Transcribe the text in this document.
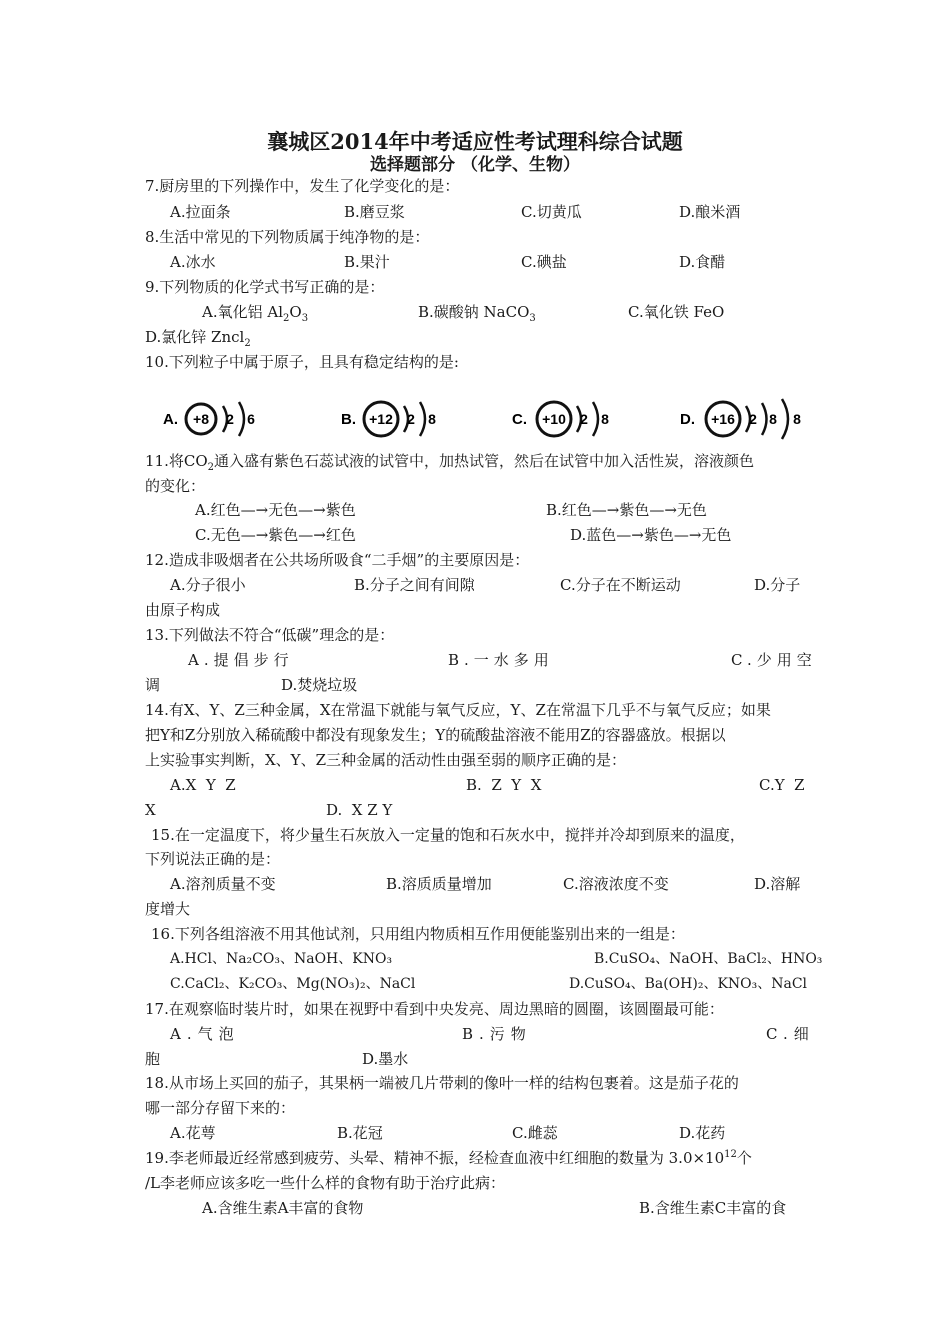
襄城区2014年中考适应性考试理科综合试题
选择题部分 （化学、生物）
7.厨房里的下列操作中，发生了化学变化的是：
A.拉面条	B.磨豆浆	C.切黄瓜	D.酿米酒
8.生活中常见的下列物质属于纯净物的是：
A.冰水	B.果汁	C.碘盐	D.食醋
9.下列物质的化学式书写正确的是：
A.氧化铝 $Al_2O_3$	B.碳酸钠 NaCO$_3$	C.氧化铁 FeO
D.氯化锌 Zncl$_2$
10.下列粒子中属于原子，且具有稳定结构的是:
A. +8 2 6	B. +12 2 8	C. +10 2 8	D. +16 2 8 8
11.将$CO_2$通入盛有紫色石蕊试液的试管中，加热试管，然后在试管中加入活性炭，溶液颜色
的变化：
A.红色—→无色—→紫色	B.红色—→紫色—→无色
C.无色—→紫色—→红色	D.蓝色—→紫色—→无色
12.造成非吸烟者在公共场所吸食“二手烟”的主要原因是：
A.分子很小	B.分子之间有间隙	C.分子在不断运动	D.分子
由原子构成
13.下列做法不符合“低碳”理念的是：
A.提倡步行	B.一水多用	C.少用空
调	D.焚烧垃圾
14.有X、Y、Z三种金属，X在常温下就能与氧气反应，Y、Z在常温下几乎不与氧气反应；如果
把Y和Z分别放入稀硫酸中都没有现象发生；Y的硫酸盐溶液不能用Z的容器盛放。根据以
上实验事实判断，X、Y、Z三种金属的活动性由强至弱的顺序正确的是：
A.X  Y  Z	B.  Z  Y  X	C.Y  Z
X	D.  X Z Y
15.在一定温度下，将少量生石灰放入一定量的饱和石灰水中，搅拌并冷却到原来的温度，
下列说法正确的是：
A.溶剂质量不变	B.溶质质量增加	C.溶液浓度不变	D.溶解
度增大
16.下列各组溶液不用其他试剂，只用组内物质相互作用便能鉴别出来的一组是：
A.HCl、Na₂CO₃、NaOH、KNO₃	B.CuSO₄、NaOH、BaCl₂、HNO₃
C.CaCl₂、K₂CO₃、Mg(NO₃)₂、NaCl	D.CuSO₄、Ba(OH)₂、KNO₃、NaCl
17.在观察临时装片时，如果在视野中看到中央发亮、周边黑暗的圆圈，该圆圈最可能：
A.气泡	B.污物	C.细
胞	D.墨水
18.从市场上买回的茄子，其果柄一端被几片带刺的像叶一样的结构包裹着。这是茄子花的
哪一部分存留下来的：
A.花萼	B.花冠	C.雌蕊	D.花药
19.李老师最近经常感到疲劳、头晕、精神不振，经检查血液中红细胞的数量为 $3.0\times 10^{12}$个
/L李老师应该多吃一些什么样的食物有助于治疗此病：
A.含维生素A丰富的食物	B.含维生素C丰富的食
